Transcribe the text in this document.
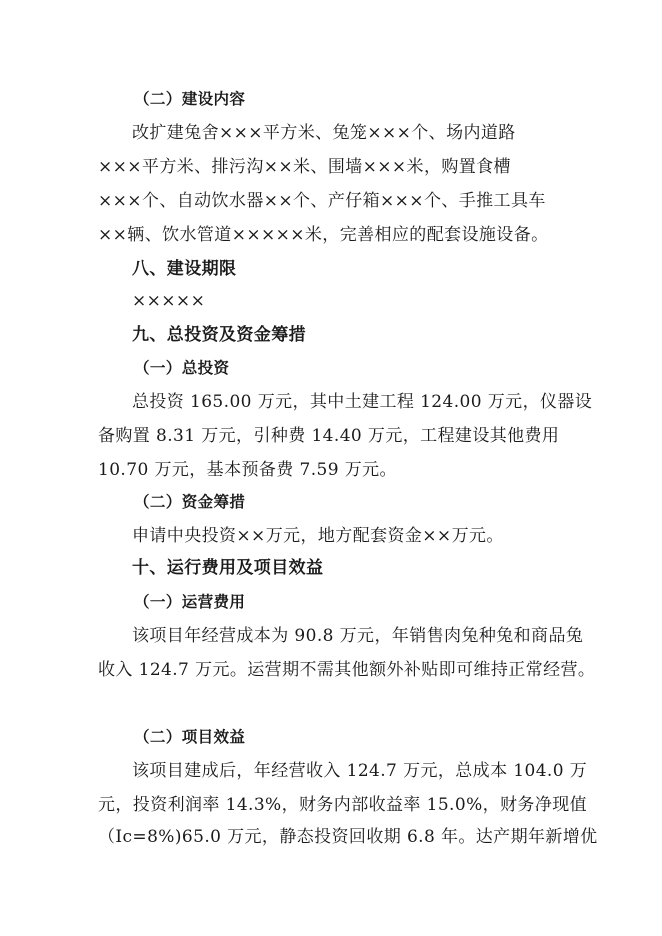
（二）建设内容
改扩建兔舍×××平方米、兔笼×××个、场内道路
×××平方米、排污沟××米、围墙×××米，购置食槽
×××个、自动饮水器××个、产仔箱×××个、手推工具车
××辆、饮水管道×××××米，完善相应的配套设施设备。
八、建设期限
×××××
九、总投资及资金筹措
（一）总投资
总投资 165.00 万元，其中土建工程 124.00 万元，仪器设
备购置 8.31 万元，引种费 14.40 万元，工程建设其他费用
10.70 万元，基本预备费 7.59 万元。
（二）资金筹措
申请中央投资××万元，地方配套资金××万元。
十、运行费用及项目效益
（一）运营费用
该项目年经营成本为 90.8 万元，年销售肉兔种兔和商品兔
收入 124.7 万元。运营期不需其他额外补贴即可维持正常经营。
（二）项目效益
该项目建成后，年经营收入 124.7 万元，总成本 104.0 万
元，投资利润率 14.3%，财务内部收益率 15.0%，财务净现值
（Ic=8%)65.0 万元，静态投资回收期 6.8 年。达产期年新增优
